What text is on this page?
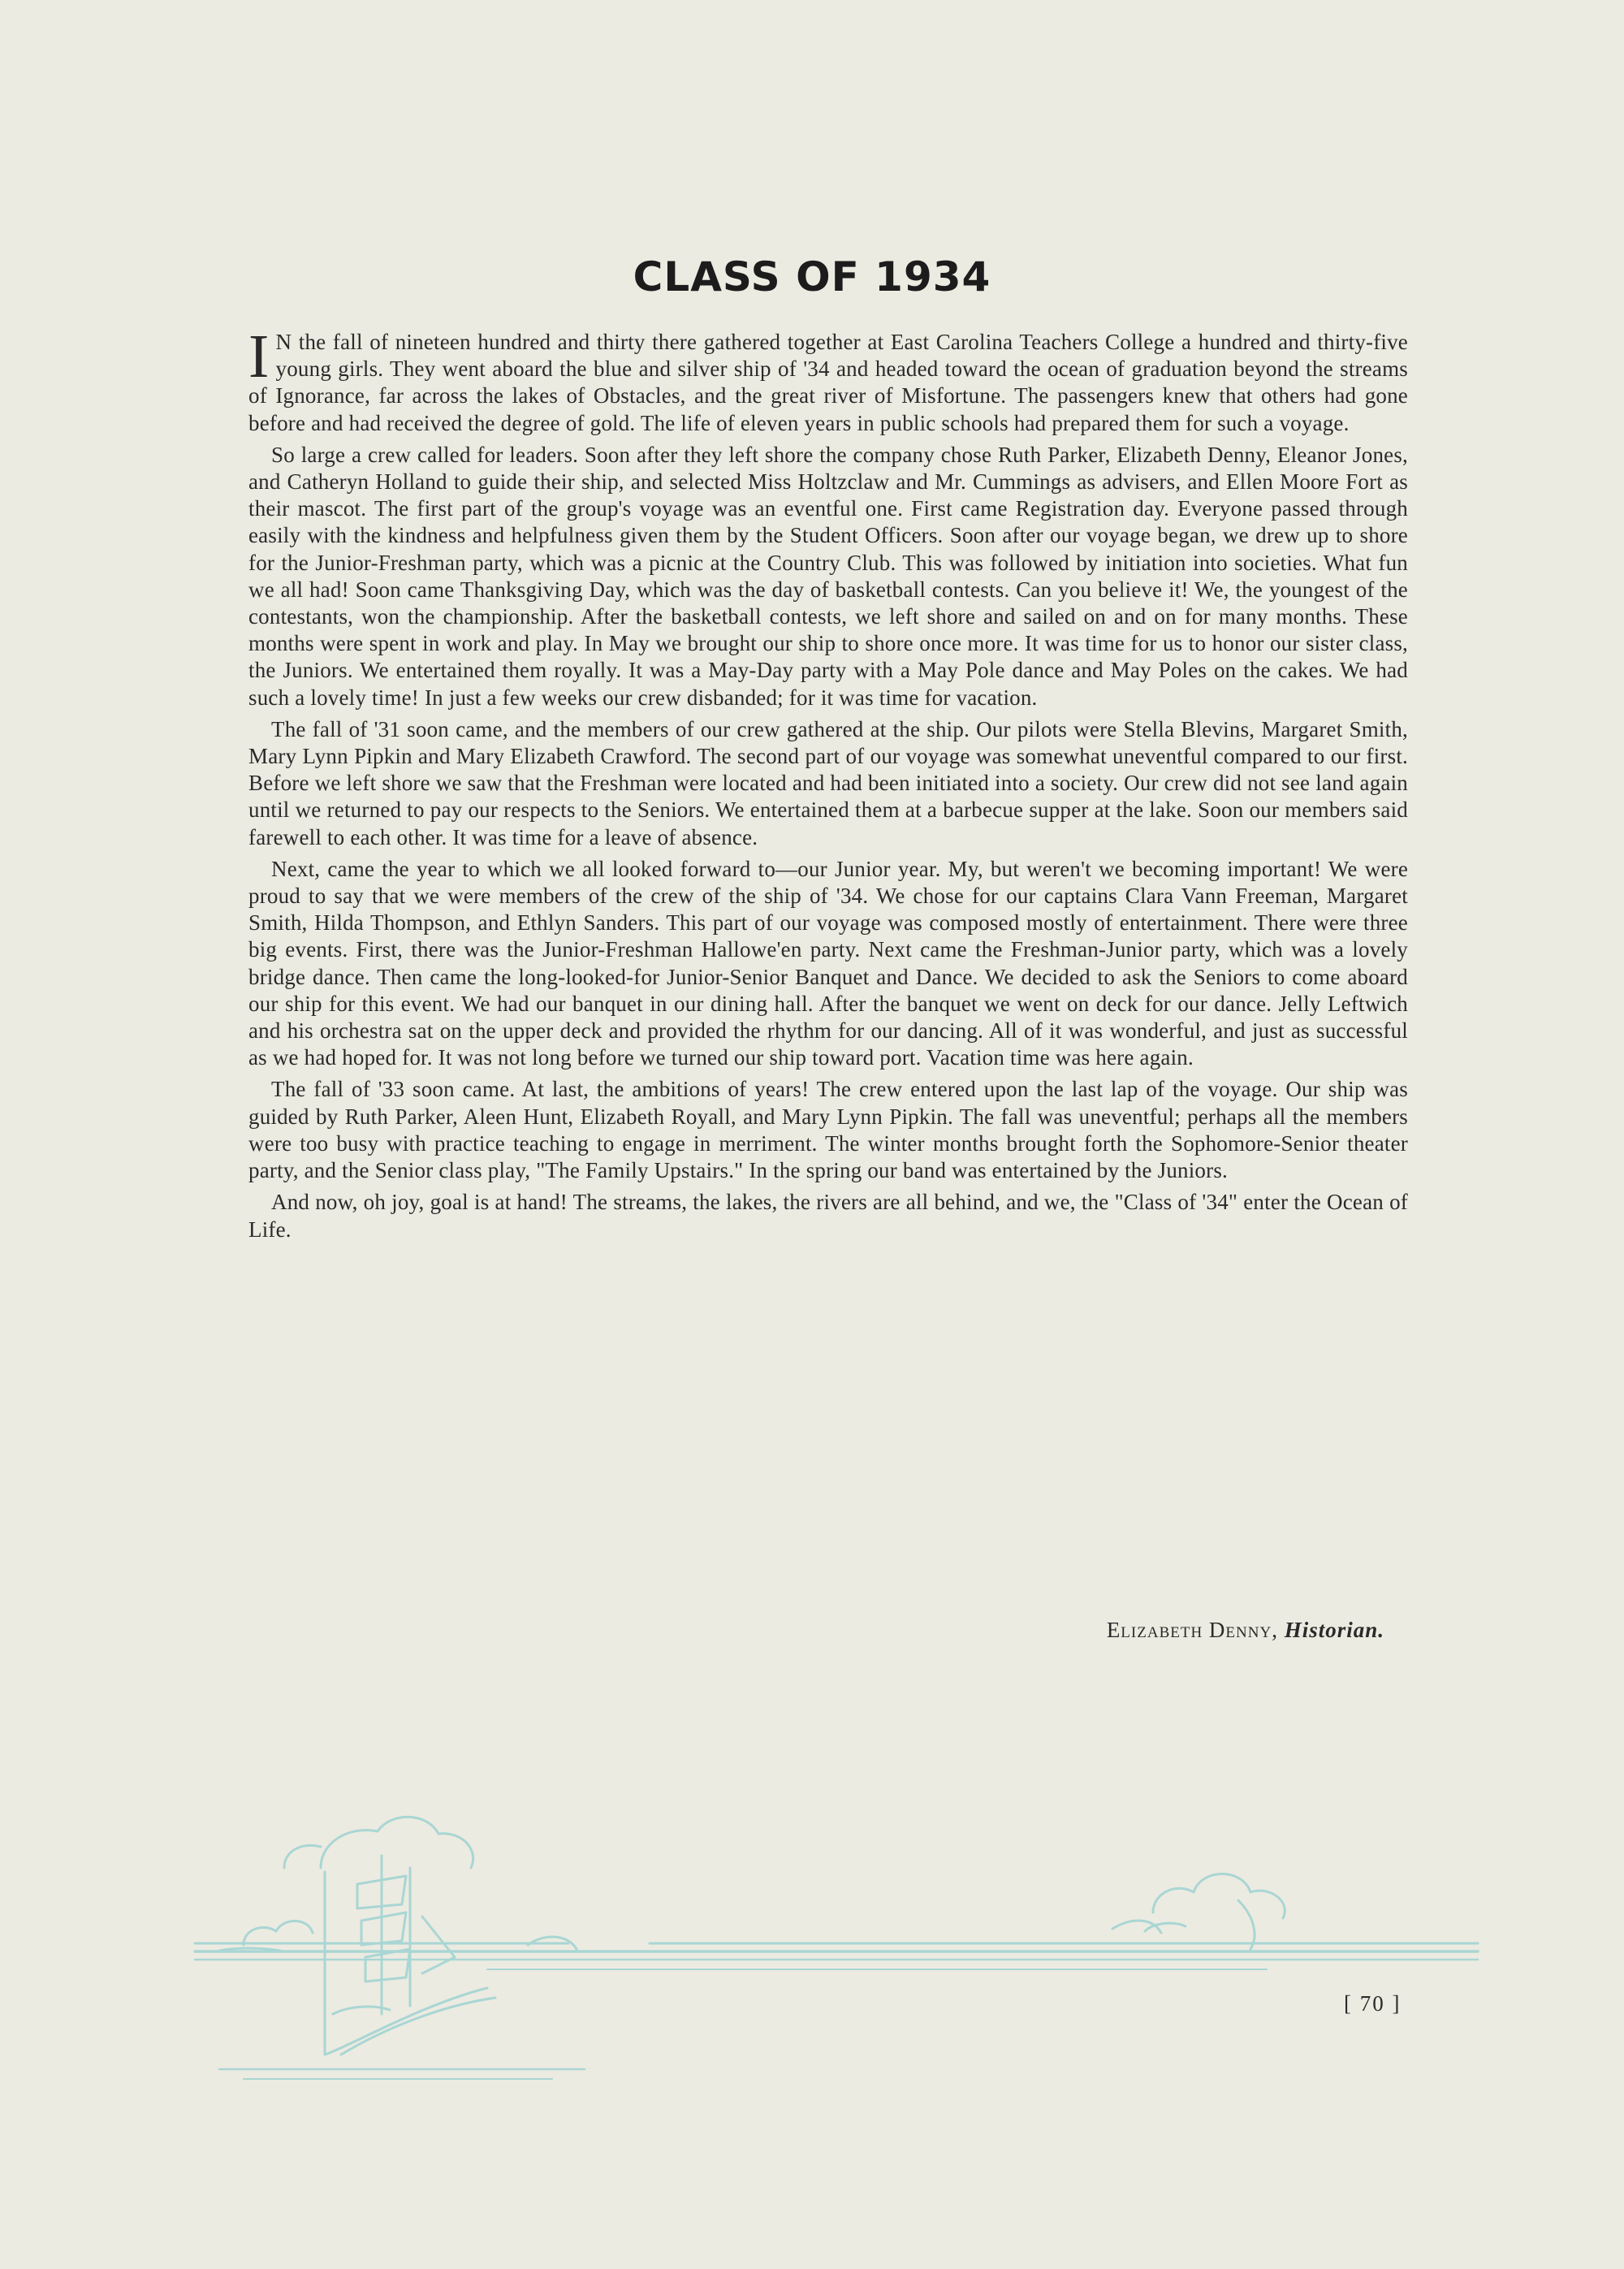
CLASS OF 1934

I N the fall of nineteen hundred and thirty there gathered together at East Carolina Teachers College a hundred and thirty-five young girls. They went aboard the blue and silver ship of '34 and headed toward the ocean of graduation beyond the streams of Ignorance, far across the lakes of Obstacles, and the great river of Misfortune. The passengers knew that others had gone before and had received the degree of gold. The life of eleven years in public schools had prepared them for such a voyage.

So large a crew called for leaders. Soon after they left shore the company chose Ruth Parker, Elizabeth Denny, Eleanor Jones, and Catheryn Holland to guide their ship, and selected Miss Holtzclaw and Mr. Cummings as advisers, and Ellen Moore Fort as their mascot. The first part of the group's voyage was an eventful one. First came Registration day. Everyone passed through easily with the kindness and helpfulness given them by the Student Officers. Soon after our voyage began, we drew up to shore for the Junior-Freshman party, which was a picnic at the Country Club. This was followed by initiation into societies. What fun we all had! Soon came Thanksgiving Day, which was the day of basketball contests. Can you believe it! We, the youngest of the contestants, won the championship. After the basketball contests, we left shore and sailed on and on for many months. These months were spent in work and play. In May we brought our ship to shore once more. It was time for us to honor our sister class, the Juniors. We entertained them royally. It was a May-Day party with a May Pole dance and May Poles on the cakes. We had such a lovely time! In just a few weeks our crew disbanded; for it was time for vacation.

The fall of '31 soon came, and the members of our crew gathered at the ship. Our pilots were Stella Blevins, Margaret Smith, Mary Lynn Pipkin and Mary Elizabeth Crawford. The second part of our voyage was somewhat uneventful compared to our first. Before we left shore we saw that the Freshman were located and had been initiated into a society. Our crew did not see land again until we returned to pay our respects to the Seniors. We entertained them at a barbecue supper at the lake. Soon our members said farewell to each other. It was time for a leave of absence.

Next, came the year to which we all looked forward to—our Junior year. My, but weren't we becoming important! We were proud to say that we were members of the crew of the ship of '34. We chose for our captains Clara Vann Freeman, Margaret Smith, Hilda Thompson, and Ethlyn Sanders. This part of our voyage was composed mostly of entertainment. There were three big events. First, there was the Junior-Freshman Hallowe'en party. Next came the Freshman-Junior party, which was a lovely bridge dance. Then came the long-looked-for Junior-Senior Banquet and Dance. We decided to ask the Seniors to come aboard our ship for this event. We had our banquet in our dining hall. After the banquet we went on deck for our dance. Jelly Leftwich and his orchestra sat on the upper deck and provided the rhythm for our dancing. All of it was wonderful, and just as successful as we had hoped for. It was not long before we turned our ship toward port. Vacation time was here again.

The fall of '33 soon came. At last, the ambitions of years! The crew entered upon the last lap of the voyage. Our ship was guided by Ruth Parker, Aleen Hunt, Elizabeth Royall, and Mary Lynn Pipkin. The fall was uneventful; perhaps all the members were too busy with practice teaching to engage in merriment. The winter months brought forth the Sophomore-Senior theater party, and the Senior class play, "The Family Upstairs." In the spring our band was entertained by the Juniors.

And now, oh joy, goal is at hand! The streams, the lakes, the rivers are all behind, and we, the "Class of '34" enter the Ocean of Life.

Elizabeth Denny, Historian.
[ 70 ]
